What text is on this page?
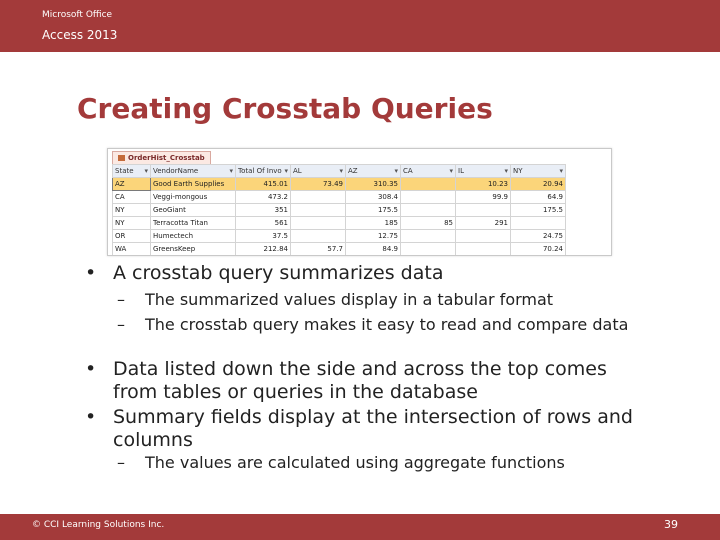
Microsoft Office
Access 2013
Creating Crosstab Queries
OrderHist_Crosstab
State ▾	VendorName ▾	Total Of Invo ▾	AL ▾	AZ ▾	CA ▾	IL ▾	NY ▾

AZ	Good Earth Supplies	415.01	73.49	310.35		10.23	20.94
CA	Veggi-mongous	473.2		308.4		99.9	64.9
NY	GeoGiant	351		175.5			175.5
NY	Terracotta Titan	561		185	85	291	
OR	Humectech	37.5		12.75			24.75
WA	GreensKeep	212.84	57.7	84.9			70.24
• A crosstab query summarizes data
– The summarized values display in a tabular format
– The crosstab query makes it easy to read and compare data
• Data listed down the side and across the top comes from tables or queries in the database
• Summary fields display at the intersection of rows and columns
– The values are calculated using aggregate functions
© CCI Learning Solutions Inc.	39
